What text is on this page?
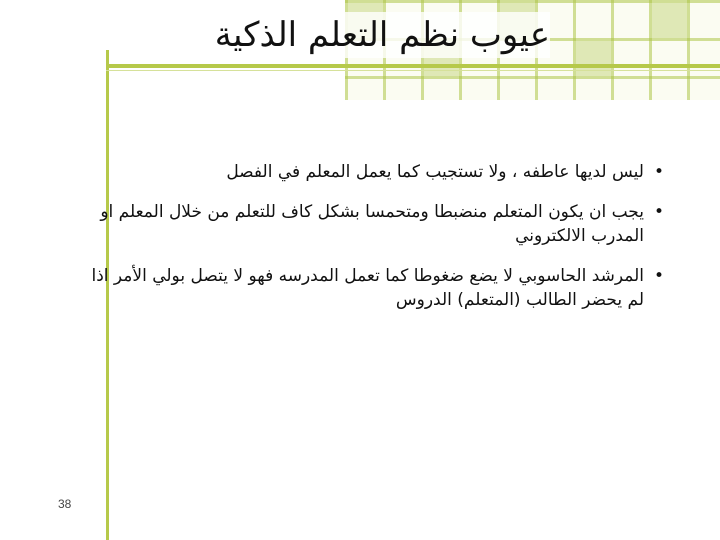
عيوب نظم التعلم الذكية
•
ليس لديها عاطفه ، ولا تستجيب كما يعمل المعلم في الفصل
•
يجب ان يكون المتعلم منضبطا ومتحمسا بشكل كاف للتعلم من خلال المعلم او المدرب الالكتروني
•
المرشد الحاسوبي لا يضع ضغوطا كما تعمل المدرسه فهو لا يتصل بولي الأمر اذا لم يحضر الطالب (المتعلم) الدروس
38
